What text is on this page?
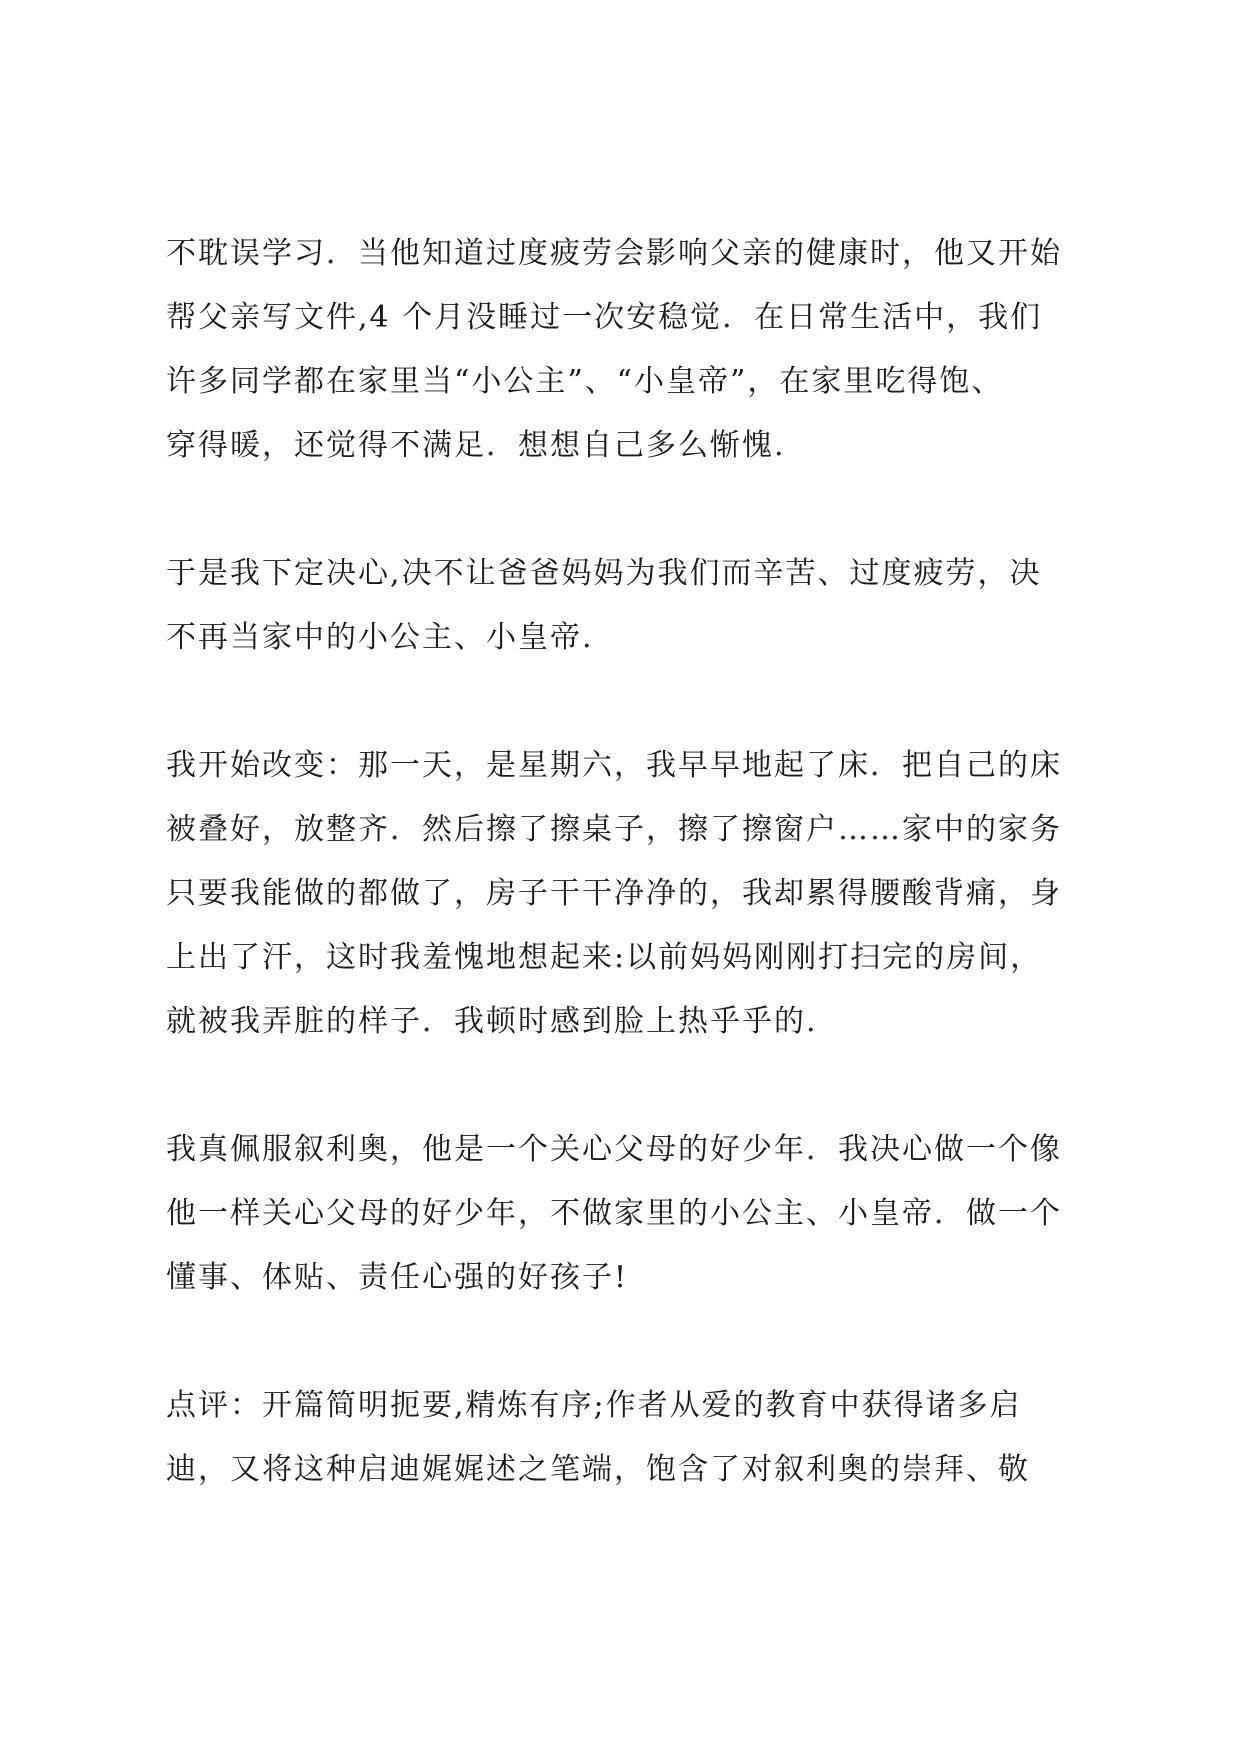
不耽误学习．当他知道过度疲劳会影响父亲的健康时，他又开始
帮父亲写文件,4 个月没睡过一次安稳觉．在日常生活中，我们
许多同学都在家里当“小公主”、“小皇帝”，在家里吃得饱、
穿得暖，还觉得不满足．想想自己多么惭愧.
于是我下定决心,决不让爸爸妈妈为我们而辛苦、过度疲劳，决
不再当家中的小公主、小皇帝.
我开始改变：那一天，是星期六，我早早地起了床．把自己的床
被叠好，放整齐．然后擦了擦桌子，擦了擦窗户……家中的家务
只要我能做的都做了，房子干干净净的，我却累得腰酸背痛，身
上出了汗，这时我羞愧地想起来:以前妈妈刚刚打扫完的房间，
就被我弄脏的样子．我顿时感到脸上热乎乎的.
我真佩服叙利奥，他是一个关心父母的好少年．我决心做一个像
他一样关心父母的好少年，不做家里的小公主、小皇帝．做一个
懂事、体贴、责任心强的好孩子!
点评：开篇简明扼要,精炼有序;作者从爱的教育中获得诸多启
迪，又将这种启迪娓娓述之笔端，饱含了对叙利奥的崇拜、敬
